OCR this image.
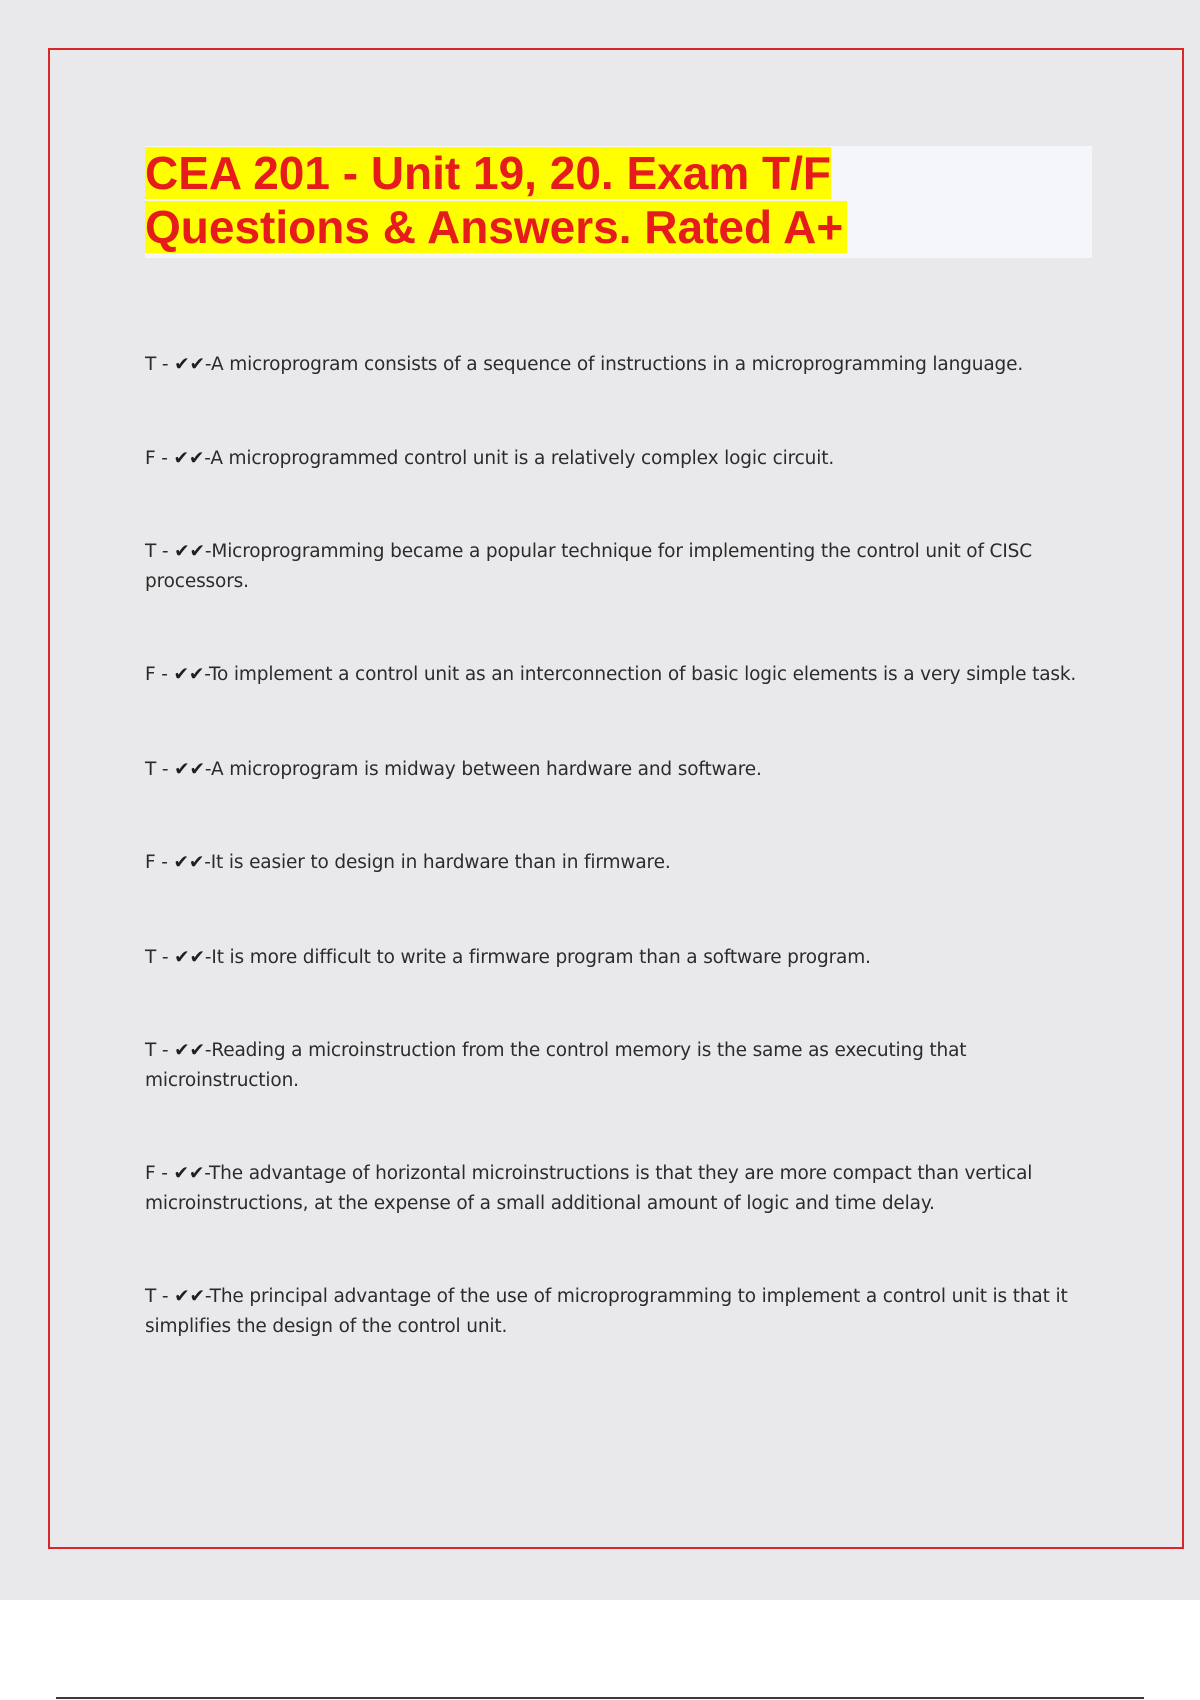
CEA 201 - Unit 19, 20. Exam T/F Questions & Answers. Rated A+

T - ✔✔-A microprogram consists of a sequence of instructions in a microprogramming language.

F - ✔✔-A microprogrammed control unit is a relatively complex logic circuit.

T - ✔✔-Microprogramming became a popular technique for implementing the control unit of CISC processors.

F - ✔✔-To implement a control unit as an interconnection of basic logic elements is a very simple task.

T - ✔✔-A microprogram is midway between hardware and software.

F - ✔✔-It is easier to design in hardware than in firmware.

T - ✔✔-It is more difficult to write a firmware program than a software program.

T - ✔✔-Reading a microinstruction from the control memory is the same as executing that microinstruction.

F - ✔✔-The advantage of horizontal microinstructions is that they are more compact than vertical microinstructions, at the expense of a small additional amount of logic and time delay.

T - ✔✔-The principal advantage of the use of microprogramming to implement a control unit is that it simplifies the design of the control unit.
